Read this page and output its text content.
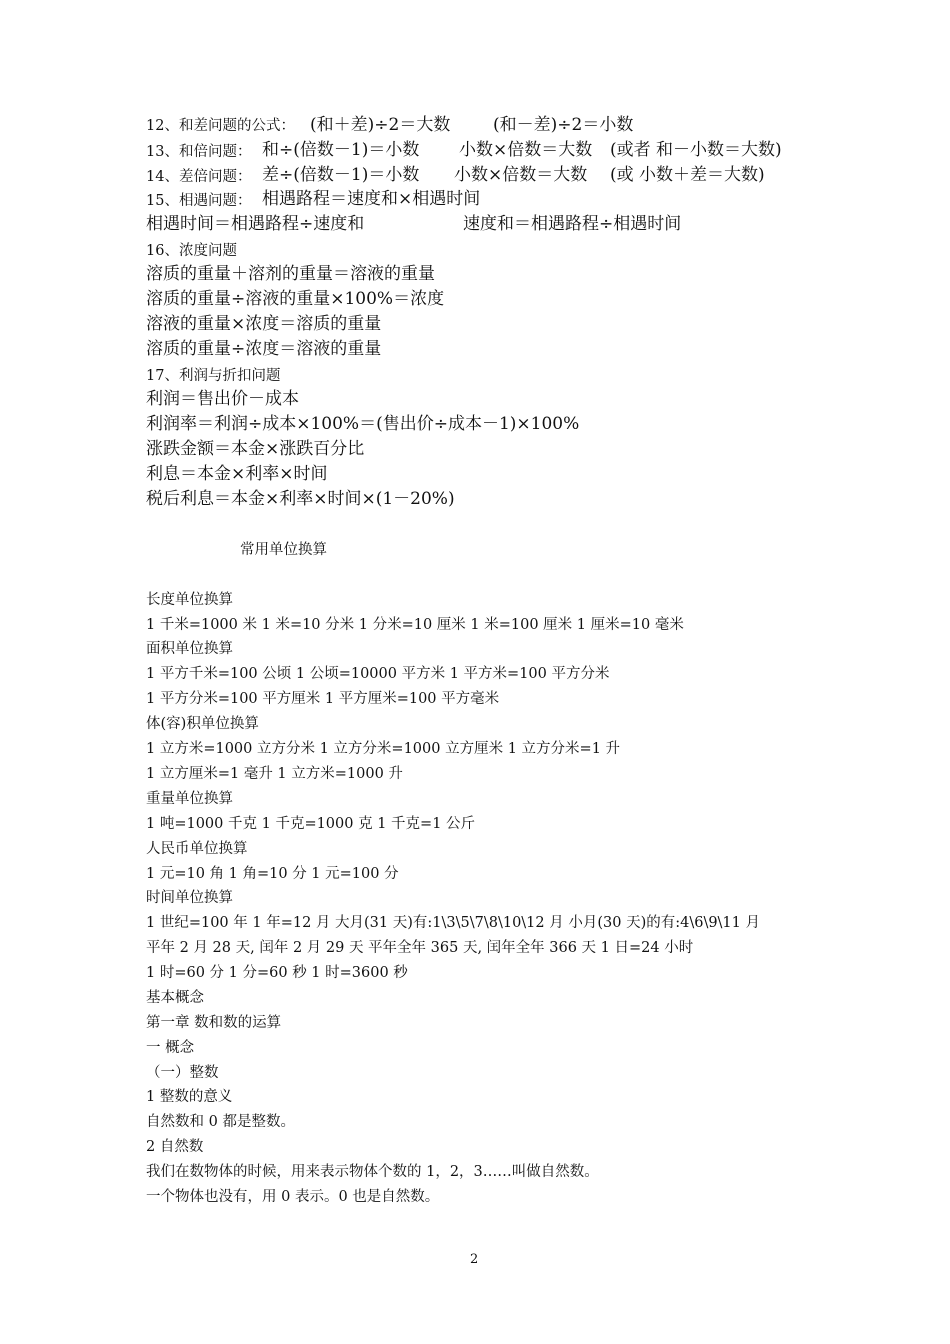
12、和差问题的公式： (和＋差)÷2＝大数	(和－差)÷2＝小数
13、和倍问题： 和÷(倍数－1)＝小数 小数×倍数＝大数 (或者 和－小数＝大数)
14、差倍问题： 差÷(倍数－1)＝小数 小数×倍数＝大数 (或 小数＋差＝大数)
15、相遇问题： 相遇路程＝速度和×相遇时间
相遇时间＝相遇路程÷速度和	速度和＝相遇路程÷相遇时间
16、浓度问题
溶质的重量＋溶剂的重量＝溶液的重量
溶质的重量÷溶液的重量×100%＝浓度
溶液的重量×浓度＝溶质的重量
溶质的重量÷浓度＝溶液的重量
17、利润与折扣问题
利润＝售出价－成本
利润率＝利润÷成本×100%＝(售出价÷成本－1)×100%
涨跌金额＝本金×涨跌百分比
利息＝本金×利率×时间
税后利息＝本金×利率×时间×(1－20%)
常用单位换算
长度单位换算
1 千米=1000 米 1 米=10 分米 1 分米=10 厘米 1 米=100 厘米 1 厘米=10 毫米
面积单位换算
1 平方千米=100 公顷 1 公顷=10000 平方米 1 平方米=100 平方分米
1 平方分米=100 平方厘米 1 平方厘米=100 平方毫米
体(容)积单位换算
1 立方米=1000 立方分米 1 立方分米=1000 立方厘米 1 立方分米=1 升
1 立方厘米=1 毫升 1 立方米=1000 升
重量单位换算
1 吨=1000 千克 1 千克=1000 克 1 千克=1 公斤
人民币单位换算
1 元=10 角 1 角=10 分 1 元=100 分
时间单位换算
1 世纪=100 年 1 年=12 月 大月(31 天)有:1\3\5\7\8\10\12 月 小月(30 天)的有:4\6\9\11 月
平年 2 月 28 天, 闰年 2 月 29 天 平年全年 365 天, 闰年全年 366 天 1 日=24 小时
1 时=60 分 1 分=60 秒 1 时=3600 秒
基本概念
第一章 数和数的运算
一 概念
（一）整数
1 整数的意义
自然数和 0 都是整数。
2 自然数
我们在数物体的时候，用来表示物体个数的 1，2，3……叫做自然数。
一个物体也没有，用 0 表示。0 也是自然数。
2
